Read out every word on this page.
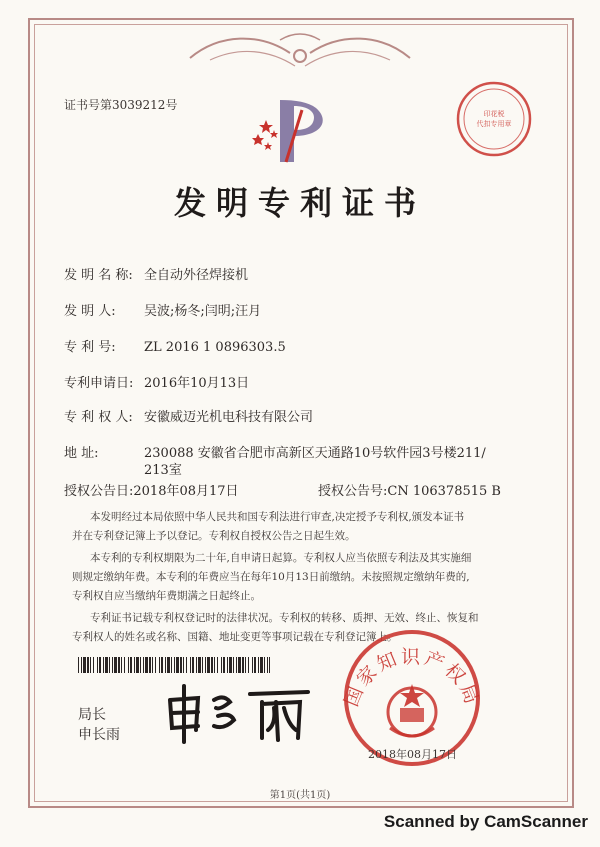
证书号第3039212号
印花税
代扣专用章
发明专利证书
发 明 名 称: 全自动外径焊接机
发 明 人: 吴波;杨冬;闫明;汪月
专 利 号: ZL 2016 1 0896303.5
专利申请日: 2016年10月13日
专 利 权 人: 安徽威迈光机电科技有限公司
地 址:	230088 安徽省合肥市高新区天通路10号软件园3号楼211/
213室
授权公告日:2018年08月17日	授权公告号:CN 106378515 B
本发明经过本局依照中华人民共和国专利法进行审查,决定授予专利权,颁发本证书
并在专利登记簿上予以登记。专利权自授权公告之日起生效。
本专利的专利权期限为二十年,自申请日起算。专利权人应当依照专利法及其实施细
则规定缴纳年费。本专利的年费应当在每年10月13日前缴纳。未按照规定缴纳年费的,
专利权自应当缴纳年费期满之日起终止。
专利证书记载专利权登记时的法律状况。专利权的转移、质押、无效、终止、恢复和
专利权人的姓名或名称、国籍、地址变更等事项记载在专利登记簿上。
局长
申长雨
国家知识产权局
2018年08月17日
第1页(共1页)
Scanned by CamScanner
